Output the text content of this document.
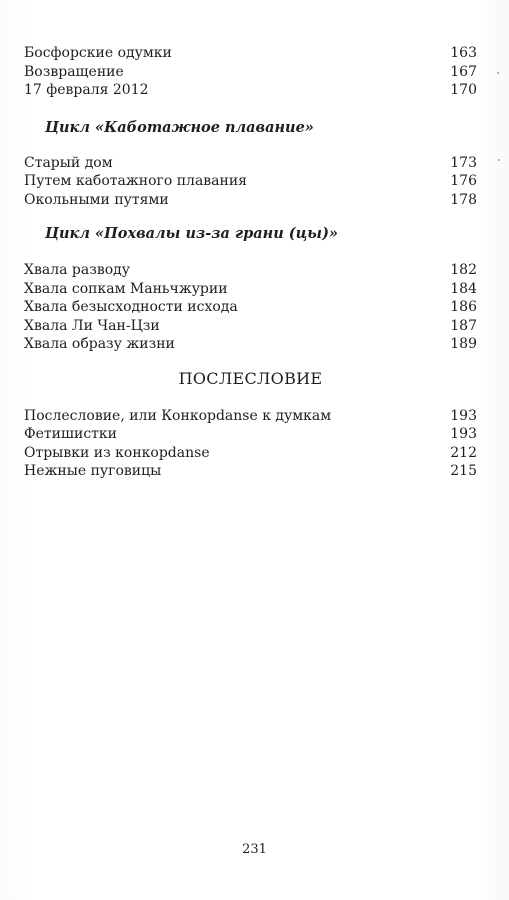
Босфорские одумки	163
Возвращение	167
17 февраля 2012	170
Цикл «Каботажное плавание»
Старый дом	173
Путем каботажного плавания	176
Окольными путями	178
Цикл «Похвалы из-за грани (цы)»
Хвала разводу	182
Хвала сопкам Маньчжурии	184
Хвала безысходности исхода	186
Хвала Ли Чан-Цзи	187
Хвала образу жизни	189
ПОСЛЕСЛОВИЕ
Послесловие, или Конкорdanse к думкам	193
Фетишистки	193
Отрывки из конкорdanse	212
Нежные пуговицы	215
231
